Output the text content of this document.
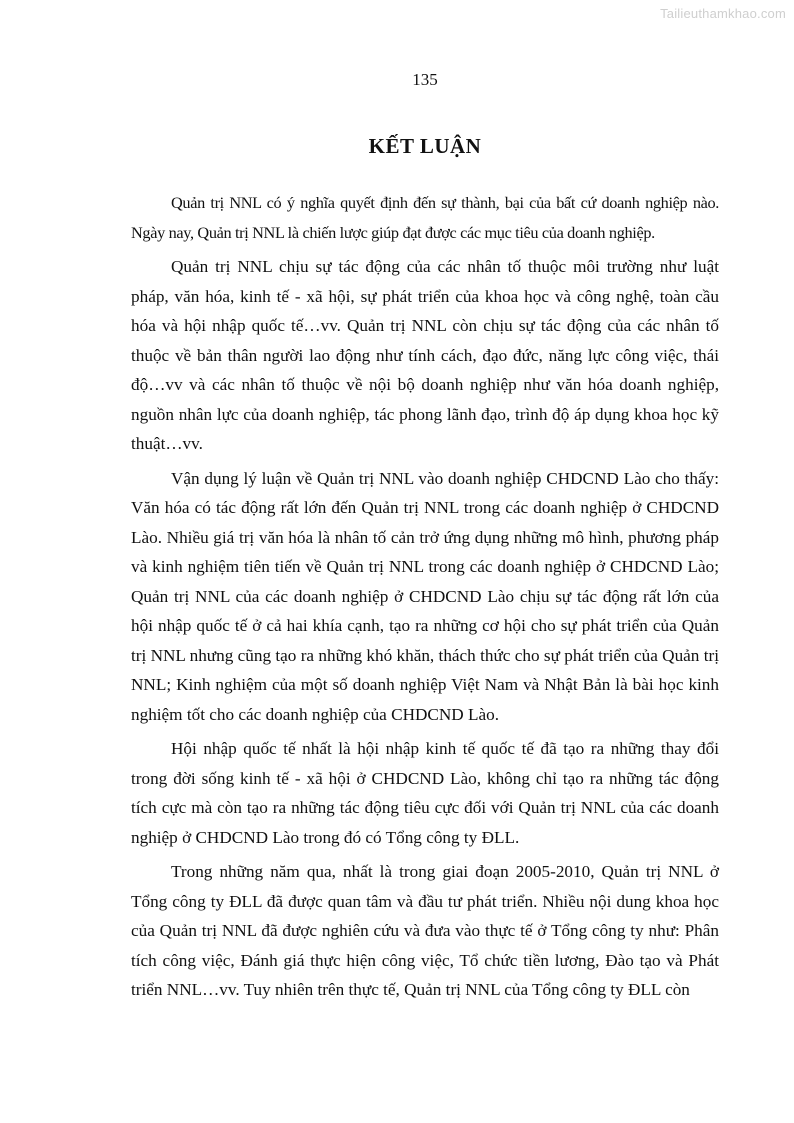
Tailieuthamkhao.com
135
KẾT LUẬN

Quản trị NNL có ý nghĩa quyết định đến sự thành, bại của bất cứ doanh nghiệp nào. Ngày nay, Quản trị NNL là chiến lược giúp đạt được các mục tiêu của doanh nghiệp.

Quản trị NNL chịu sự tác động của các nhân tố thuộc môi trường như luật pháp, văn hóa, kinh tế - xã hội, sự phát triển của khoa học và công nghệ, toàn cầu hóa và hội nhập quốc tế…vv. Quản trị NNL còn chịu sự tác động của các nhân tố thuộc về bản thân người lao động như tính cách, đạo đức, năng lực công việc, thái độ…vv và các nhân tố thuộc về nội bộ doanh nghiệp như văn hóa doanh nghiệp, nguồn nhân lực của doanh nghiệp, tác phong lãnh đạo, trình độ áp dụng khoa học kỹ thuật…vv.

Vận dụng lý luận về Quản trị NNL vào doanh nghiệp CHDCND Lào cho thấy: Văn hóa có tác động rất lớn đến Quản trị NNL trong các doanh nghiệp ở CHDCND Lào. Nhiều giá trị văn hóa là nhân tố cản trở ứng dụng những mô hình, phương pháp và kinh nghiệm tiên tiến về Quản trị NNL trong các doanh nghiệp ở CHDCND Lào; Quản trị NNL của các doanh nghiệp ở CHDCND Lào chịu sự tác động rất lớn của hội nhập quốc tế ở cả hai khía cạnh, tạo ra những cơ hội cho sự phát triển của Quản trị NNL nhưng cũng tạo ra những khó khăn, thách thức cho sự phát triển của Quản trị NNL; Kinh nghiệm của một số doanh nghiệp Việt Nam và Nhật Bản là bài học kinh nghiệm tốt cho các doanh nghiệp của CHDCND Lào.

Hội nhập quốc tế nhất là hội nhập kinh tế quốc tế đã tạo ra những thay đổi trong đời sống kinh tế - xã hội ở CHDCND Lào, không chỉ tạo ra những tác động tích cực mà còn tạo ra những tác động tiêu cực đối với Quản trị NNL của các doanh nghiệp ở CHDCND Lào trong đó có Tổng công ty ĐLL.

Trong những năm qua, nhất là trong giai đoạn 2005-2010, Quản trị NNL ở Tổng công ty ĐLL đã được quan tâm và đầu tư phát triển. Nhiều nội dung khoa học của Quản trị NNL đã được nghiên cứu và đưa vào thực tế ở Tổng công ty như: Phân tích công việc, Đánh giá thực hiện công việc, Tổ chức tiền lương, Đào tạo và Phát triển NNL…vv. Tuy nhiên trên thực tế, Quản trị NNL của Tổng công ty ĐLL còn
